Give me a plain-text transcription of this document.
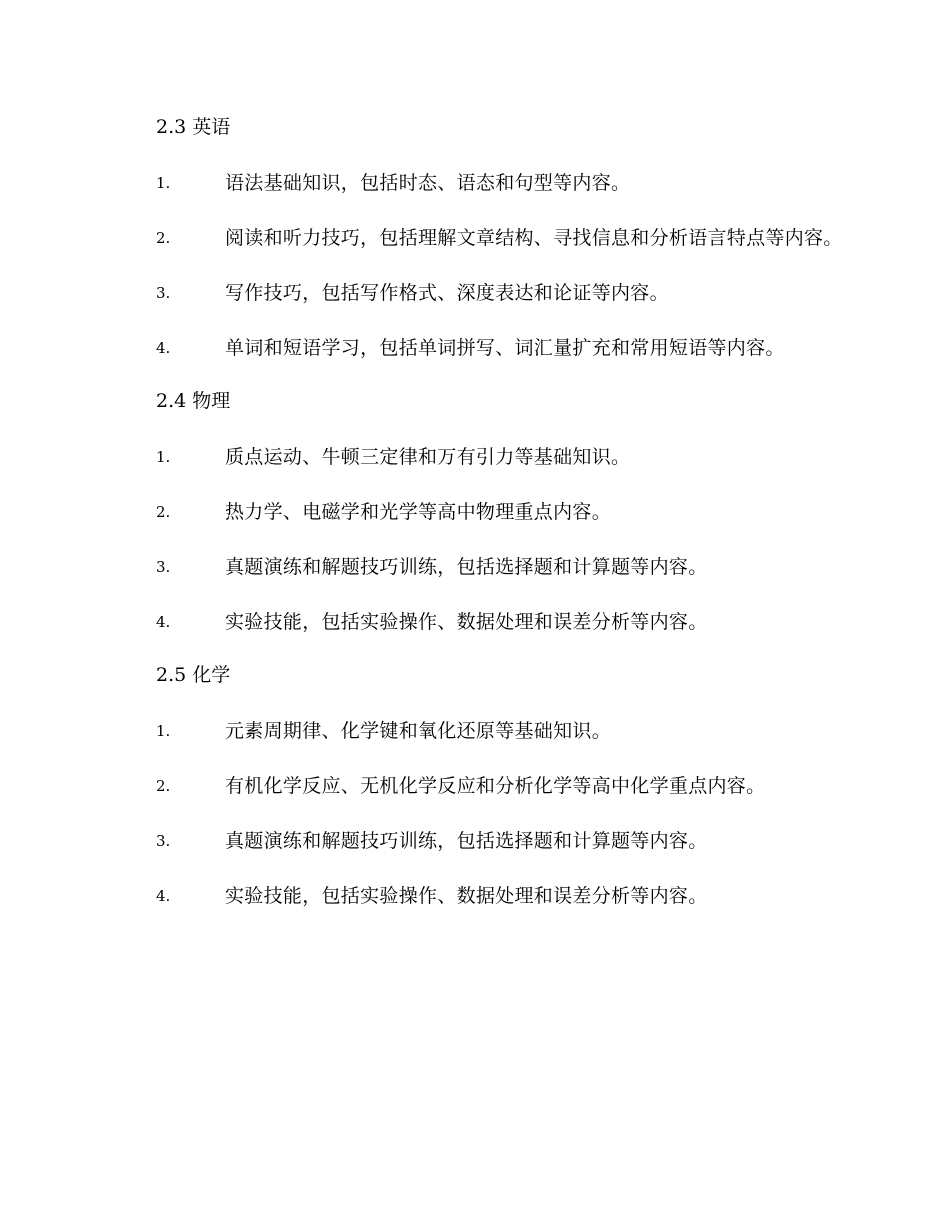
2.3 英语
1.	语法基础知识，包括时态、语态和句型等内容。
2.	阅读和听力技巧，包括理解文章结构、寻找信息和分析语言特点等内容。
3.	写作技巧，包括写作格式、深度表达和论证等内容。
4.	单词和短语学习，包括单词拼写、词汇量扩充和常用短语等内容。
2.4 物理
1.	质点运动、牛顿三定律和万有引力等基础知识。
2.	热力学、电磁学和光学等高中物理重点内容。
3.	真题演练和解题技巧训练，包括选择题和计算题等内容。
4.	实验技能，包括实验操作、数据处理和误差分析等内容。
2.5 化学
1.	元素周期律、化学键和氧化还原等基础知识。
2.	有机化学反应、无机化学反应和分析化学等高中化学重点内容。
3.	真题演练和解题技巧训练，包括选择题和计算题等内容。
4.	实验技能，包括实验操作、数据处理和误差分析等内容。
